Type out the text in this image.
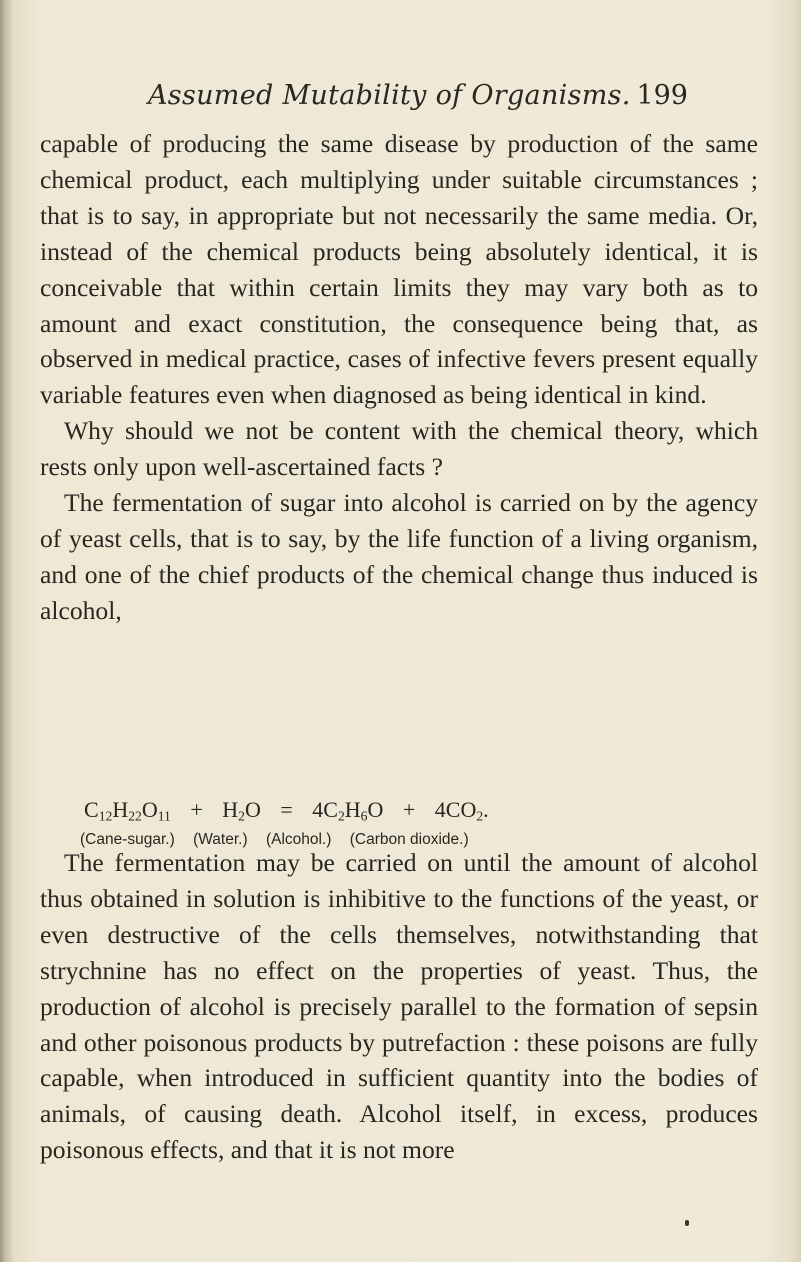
Assumed Mutability of Organisms. 199

capable of producing the same disease by production of the same chemical product, each multiplying under suitable circumstances ; that is to say, in appropriate but not necessarily the same media. Or, instead of the chemical products being absolutely identical, it is conceivable that within certain limits they may vary both as to amount and exact constitution, the consequence being that, as observed in medical practice, cases of infective fevers present equally variable features even when diagnosed as being identical in kind.

Why should we not be content with the chemical theory, which rests only upon well-ascertained facts ?

The fermentation of sugar into alcohol is carried on by the agency of yeast cells, that is to say, by the life function of a living organism, and one of the chief products of the chemical change thus induced is alcohol,

$C_{12}H_{22}O_{11} + H_2O = 4C_2H_6O + 4CO_2$.
(Cane-sugar.) (Water.) (Alcohol.) (Carbon dioxide.)

The fermentation may be carried on until the amount of alcohol thus obtained in solution is inhibitive to the functions of the yeast, or even destructive of the cells themselves, notwithstanding that strychnine has no effect on the properties of yeast. Thus, the production of alcohol is precisely parallel to the formation of sepsin and other poisonous products by putrefaction : these poisons are fully capable, when introduced in sufficient quantity into the bodies of animals, of causing death. Alcohol itself, in excess, produces poisonous effects, and that it is not more
